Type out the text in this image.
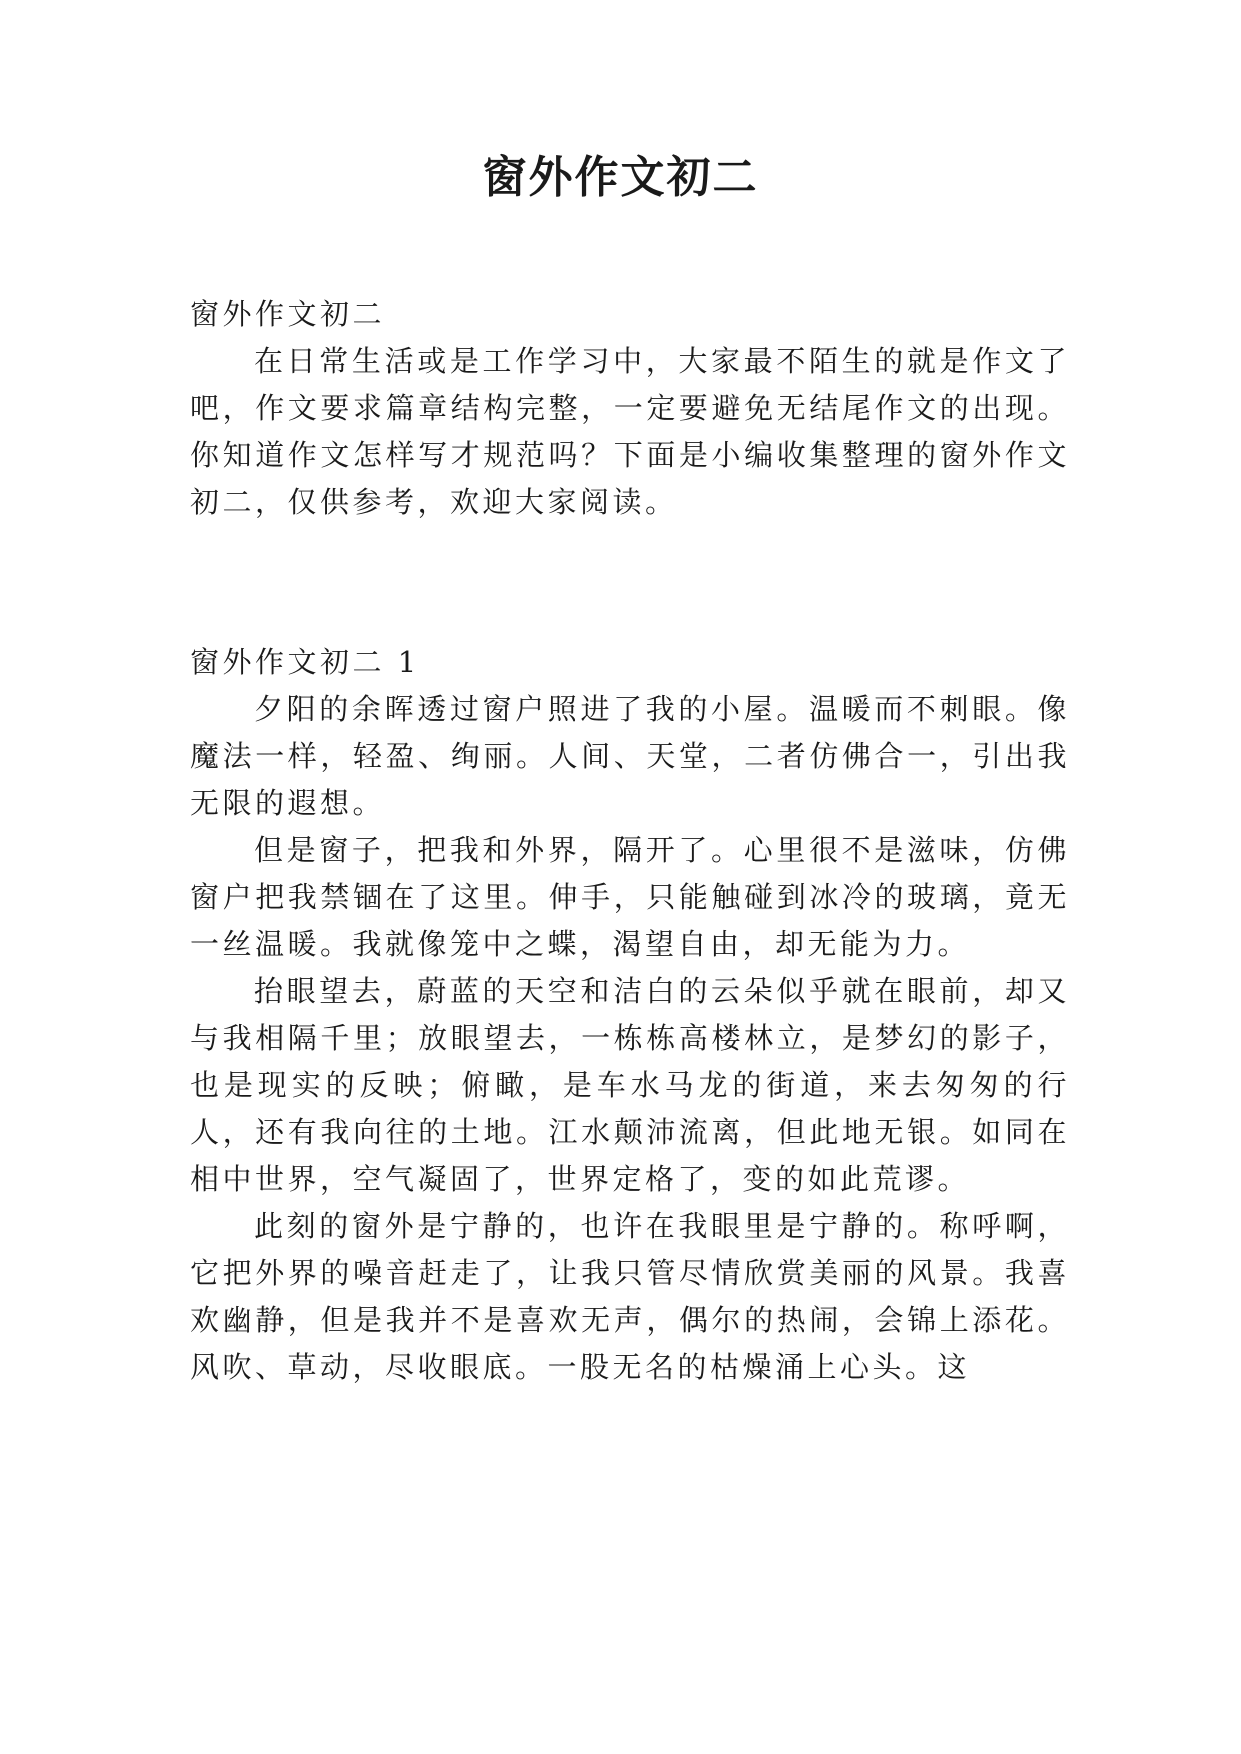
窗外作文初二

窗外作文初二

在日常生活或是工作学习中，大家最不陌生的就是作文了吧，作文要求篇章结构完整，一定要避免无结尾作文的出现。你知道作文怎样写才规范吗？下面是小编收集整理的窗外作文初二，仅供参考，欢迎大家阅读。

窗外作文初二 1

夕阳的余晖透过窗户照进了我的小屋。温暖而不刺眼。像魔法一样，轻盈、绚丽。人间、天堂，二者仿佛合一，引出我无限的遐想。

但是窗子，把我和外界，隔开了。心里很不是滋味，仿佛窗户把我禁锢在了这里。伸手，只能触碰到冰冷的玻璃，竟无一丝温暖。我就像笼中之蝶，渴望自由，却无能为力。

抬眼望去，蔚蓝的天空和洁白的云朵似乎就在眼前，却又与我相隔千里；放眼望去，一栋栋高楼林立，是梦幻的影子，也是现实的反映；俯瞰，是车水马龙的街道，来去匆匆的行人，还有我向往的土地。江水颠沛流离，但此地无银。如同在相中世界，空气凝固了，世界定格了，变的如此荒谬。

此刻的窗外是宁静的，也许在我眼里是宁静的。称呼啊，它把外界的噪音赶走了，让我只管尽情欣赏美丽的风景。我喜欢幽静，但是我并不是喜欢无声，偶尔的热闹，会锦上添花。风吹、草动，尽收眼底。一股无名的枯燥涌上心头。这
